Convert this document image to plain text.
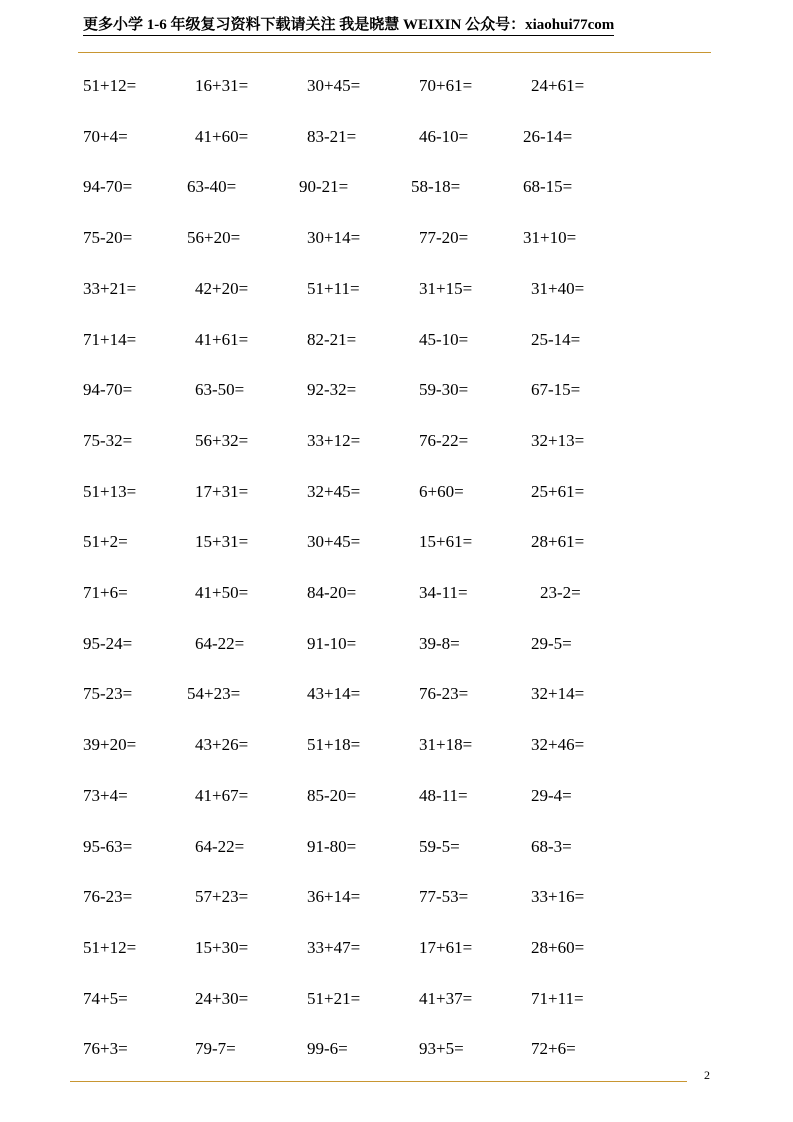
更多小学 1-6 年级复习资料下载请关注 我是晓慧 WEIXIN 公众号：xiaohui77com
51+12=	16+31=	30+45=	70+61=	24+61=
70+4=	41+60=	83-21=	46-10=	26-14=
94-70=	63-40=	90-21=	58-18=	68-15=
75-20=	56+20=	30+14=	77-20=	31+10=
33+21=	42+20=	51+11=	31+15=	31+40=
71+14=	41+61=	82-21=	45-10=	25-14=
94-70=	63-50=	92-32=	59-30=	67-15=
75-32=	56+32=	33+12=	76-22=	32+13=
51+13=	17+31=	32+45=	6+60=	25+61=
51+2=	15+31=	30+45=	15+61=	28+61=
71+6=	41+50=	84-20=	34-11=	23-2=
95-24=	64-22=	91-10=	39-8=	29-5=
75-23=	54+23=	43+14=	76-23=	32+14=
39+20=	43+26=	51+18=	31+18=	32+46=
73+4=	41+67=	85-20=	48-11=	29-4=
95-63=	64-22=	91-80=	59-5=	68-3=
76-23=	57+23=	36+14=	77-53=	33+16=
51+12=	15+30=	33+47=	17+61=	28+60=
74+5=	24+30=	51+21=	41+37=	71+11=
76+3=	79-7=	99-6=	93+5=	72+6=
2
